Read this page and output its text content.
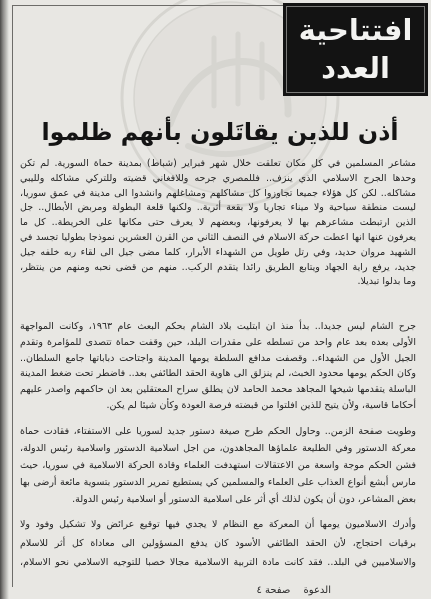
افتتاحية
العدد
أذن للذين يقاتَلون بأنهم ظلموا
مشاعر المسلمين في كل مكان تعلقت خلال شهر فبراير (شباط) بمدينة حماة السورية. لم تكن
وحدها الجرح الاسلامي الذي ينزف.. فللمصري جرحه وللافغاني قضيته وللتركي مشاكله ولليبي
مشاكله.. لكن كل هؤلاء جميعا تجاوزوا كل مشاكلهم ومشاغلهم وانشدوا الى مدينة في عمق سوريا،
ليست منطقة سياحية ولا ميناء تجاريا ولا بقعة أثرية.. ولكنها قلعة البطولة ومربض الأبطال.. جل
الذين ارتبطت مشاعرهم بها لا يعرفونها، وبعضهم لا يعرف حتى مكانها على الخريطة.. كل ما
يعرفون عنها انها اعطت حركة الاسلام في النصف الثاني من القرن العشرين نموذجا بطوليا تجسد في
الشهيد مروان حديد، وفي رتل طويل من الشهداء الأبرار، كلما مضى جيل الى لقاء ربه خلفه جيل
جديد، يرفع راية الجهاد ويتابع الطريق رائدا يتقدم الركب.. منهم من قضى نحبه ومنهم من ينتظر،
وما بدلوا تبديلا.
جرح الشام ليس جديدا.. بدأ منذ ان ابتليت بلاد الشام بحكم البعث عام ١٩٦٣، وكانت المواجهة
الأولى بعده بعد عام واحد من تسلطه على مقدرات البلد، حين وقفت حماة تتصدى للمؤامرة وتقدم
الجيل الأول من الشهداء.. وقصفت مدافع السلطة يومها المدينة واجتاحت دباباتها جامع السلطان..
وكان الحكم يومها محدود الخبث، لم ينزلق الى هاوية الحقد الطائفي بعد.. فاضطر تحت ضغط المدينة
الباسلة يتقدمها شيخها المجاهد محمد الحامد لان يطلق سراح المعتقلين بعد ان حاكمهم واصدر عليهم
أحكاما قاسية، ولأن يتيح للذين افلتوا من قبضته فرصة العودة وكأن شيئا لم يكن.
وطويت صفحة الزمن.. وحاول الحكم طرح صيغة دستور جديد لسوريا على الاستفتاء، فقادت حماة
معركة الدستور وفي الطليعة علماؤها المجاهدون، من اجل اسلامية الدستور واسلامية رئيس الدولة،
فشن الحكم موجة واسعة من الاعتقالات استهدفت العلماء وقادة الحركة الاسلامية في سوريا، حيث
مارس أبشع أنواع العذاب على العلماء والمسلمين كي يستطيع تمرير الدستور بتسوية مائعة أرضى بها
بعض المشاعر، دون أن يكون لذلك أي أثر على اسلامية الدستور أو اسلامية رئيس الدولة.
وأدرك الاسلاميون يومها أن المعركة مع النظام لا يجدي فيها توقيع عرائض ولا تشكيل وفود ولا
برقيات احتجاج، لأن الحقد الطائفي الأسود كان يدفع المسؤولين الى معاداة كل أثر للاسلام
والاسلاميين في البلد.. فقد كانت مادة التربية الاسلامية مجالا خصبا للتوجيه الاسلامي نحو الاسلام،
الدعوة صفحة ٤
